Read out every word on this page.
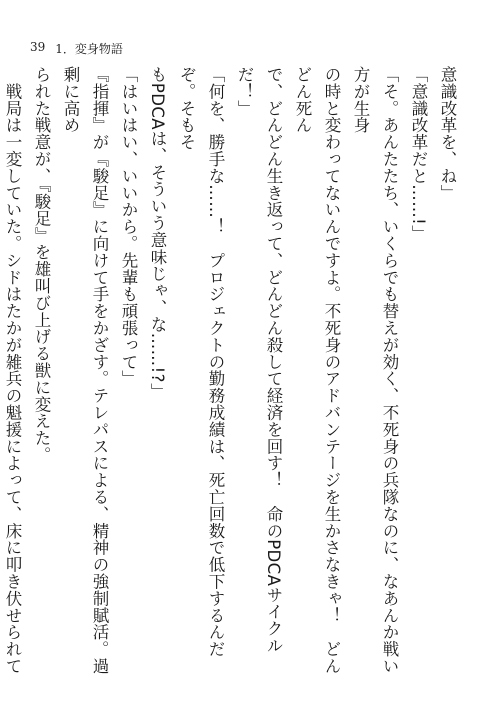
39 1．変身物語

意識改革を、ね」

「意識改革だと……!」

「そ。あんたたち、いくらでも替えが効く、不死身の兵隊なのに、なあんか戦い方が生身

の時と変わってないんですよ。不死身のアドバンテージを生かさなきゃ！　どんどん死ん

で、どんどん生き返って、どんどん殺して経済を回す！　命のPDCAサイクルだ！」

「何を、勝手な……！　プロジェクトの勤務成績は、死亡回数で低下するんだぞ。そもそ

もPDCAは、そういう意味じゃ、な……!?」

「はいはい、いいから。先輩も頑張って」

『指揮』が『駿足』に向けて手をかざす。テレパスによる、精神の強制賦活。過剰に高め

られた戦意が、『駿足』を雄叫び上げる獣に変えた。

　戦局は一変していた。シドはたかが雑兵の魁援によって、床に叩き伏せられて
